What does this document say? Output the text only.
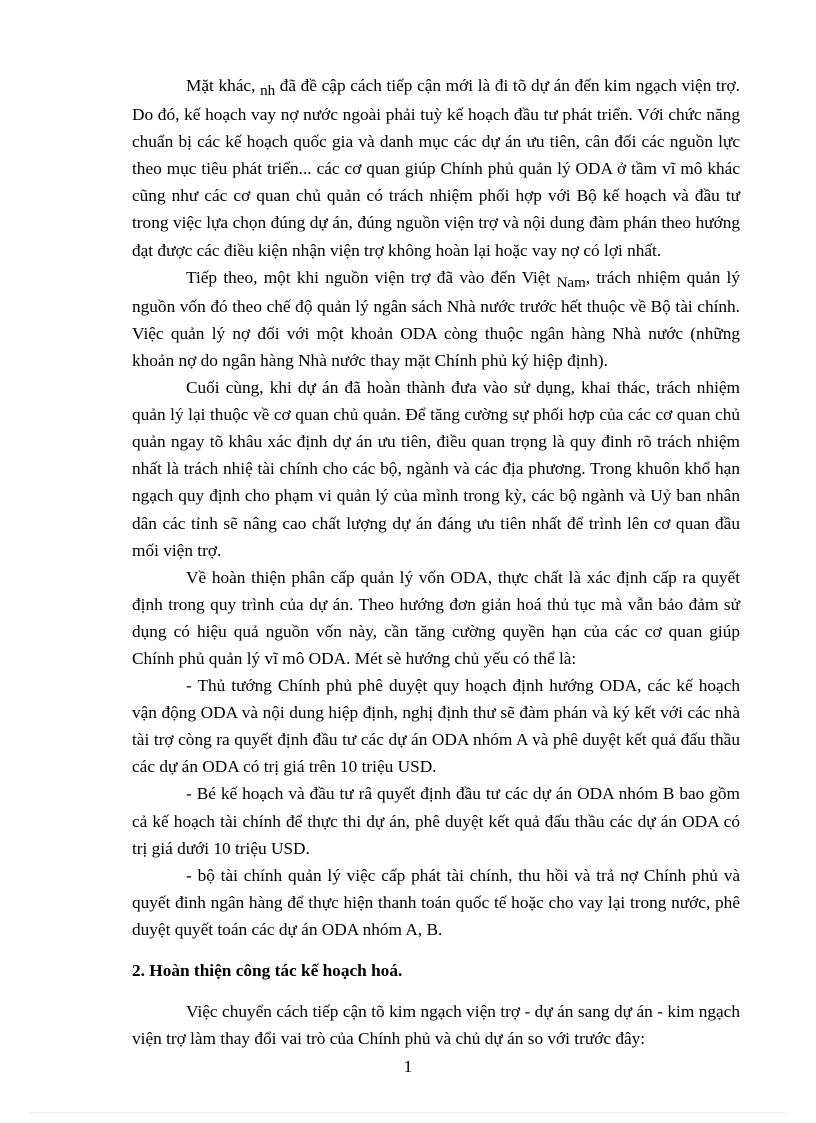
Mặt khác, nh đã đề cập cách tiếp cận mới là đi tõ dự án đến kim ngạch viện trợ. Do đó, kế hoạch vay nợ nước ngoài phải tuỳ kế hoạch đầu tư phát triển. Với chức năng chuẩn bị các kế hoạch quốc gia và danh mục các dự án ưu tiên, cân đối các nguồn lực theo mục tiêu phát triển... các cơ quan giúp Chính phủ quản lý ODA ở tầm vĩ mô khác cũng như các cơ quan chủ quản có trách nhiệm phối hợp với Bộ kế hoạch và đầu tư trong việc lựa chọn đúng dự án, đúng nguồn viện trợ và nội dung đàm phán theo hướng đạt được các điều kiện nhận viện trợ không hoàn lại hoặc vay nợ có lợi nhất.

Tiếp theo, một khi nguồn viện trợ đã vào đến Việt Nam, trách nhiệm quản lý nguồn vốn đó theo chế độ quản lý ngân sách Nhà nước trước hết thuộc về Bộ tài chính. Việc quản lý nợ đối với một khoản ODA còng thuộc ngân hàng Nhà nước (những khoản nợ do ngân hàng Nhà nước thay mặt Chính phủ ký hiệp định).

Cuối cùng, khi dự án đã hoàn thành đưa vào sử dụng, khai thác, trách nhiệm quản lý lại thuộc về cơ quan chủ quản. Để tăng cường sự phối hợp của các cơ quan chủ quản ngay tõ khâu xác định dự án ưu tiên, điều quan trọng là quy đinh rõ trách nhiệm nhất là trách nhiệ tài chính cho các bộ, ngành và các địa phương. Trong khuôn khổ hạn ngạch quy định cho phạm vi quản lý của mình trong kỳ, các bộ ngành và Uỷ ban nhân dân các tỉnh sẽ nâng cao chất lượng dự án đáng ưu tiên nhất để trình lên cơ quan đầu mối viện trợ.

Về hoàn thiện phân cấp quản lý vốn ODA, thực chất là xác định cấp ra quyết định trong quy trình của dự án. Theo hướng đơn giản hoá thủ tục mà vẫn bảo đảm sử dụng có hiệu quả nguồn vốn này, cần tăng cường quyền hạn của các cơ quan giúp Chính phủ quản lý vĩ mô ODA. Mét sè hướng chủ yếu có thể là:

- Thủ tướng Chính phủ phê duyệt quy hoạch định hướng ODA, các kế hoạch vận động ODA và nội dung hiệp định, nghị định thư sẽ đàm phán và ký kết với các nhà tài trợ còng ra quyết định đầu tư các dự án ODA nhóm A và phê duyệt kết quả đấu thầu các dự án ODA có trị giá trên 10 triệu USD.

- Bé kế hoạch và đầu tư râ quyết định đầu tư các dự án ODA nhóm B bao gồm cả kế hoạch tài chính để thực thi dự án, phê duyệt kết quả đấu thầu các dự án ODA có trị giá dưới 10 triệu USD.

- bộ tài chính quản lý việc cấp phát tài chính, thu hồi và trả nợ Chính phủ và quyết đinh ngân hàng để thực hiện thanh toán quốc tế hoặc cho vay lại trong nước, phê duyệt quyết toán các dự án ODA nhóm A, B.

2. Hoàn thiện công tác kế hoạch hoá.

Việc chuyển cách tiếp cận tõ kim ngạch viện trợ - dự án sang dự án - kim ngạch viện trợ làm thay đổi vai trò của Chính phủ và chủ dự án so với trước đây:

1
